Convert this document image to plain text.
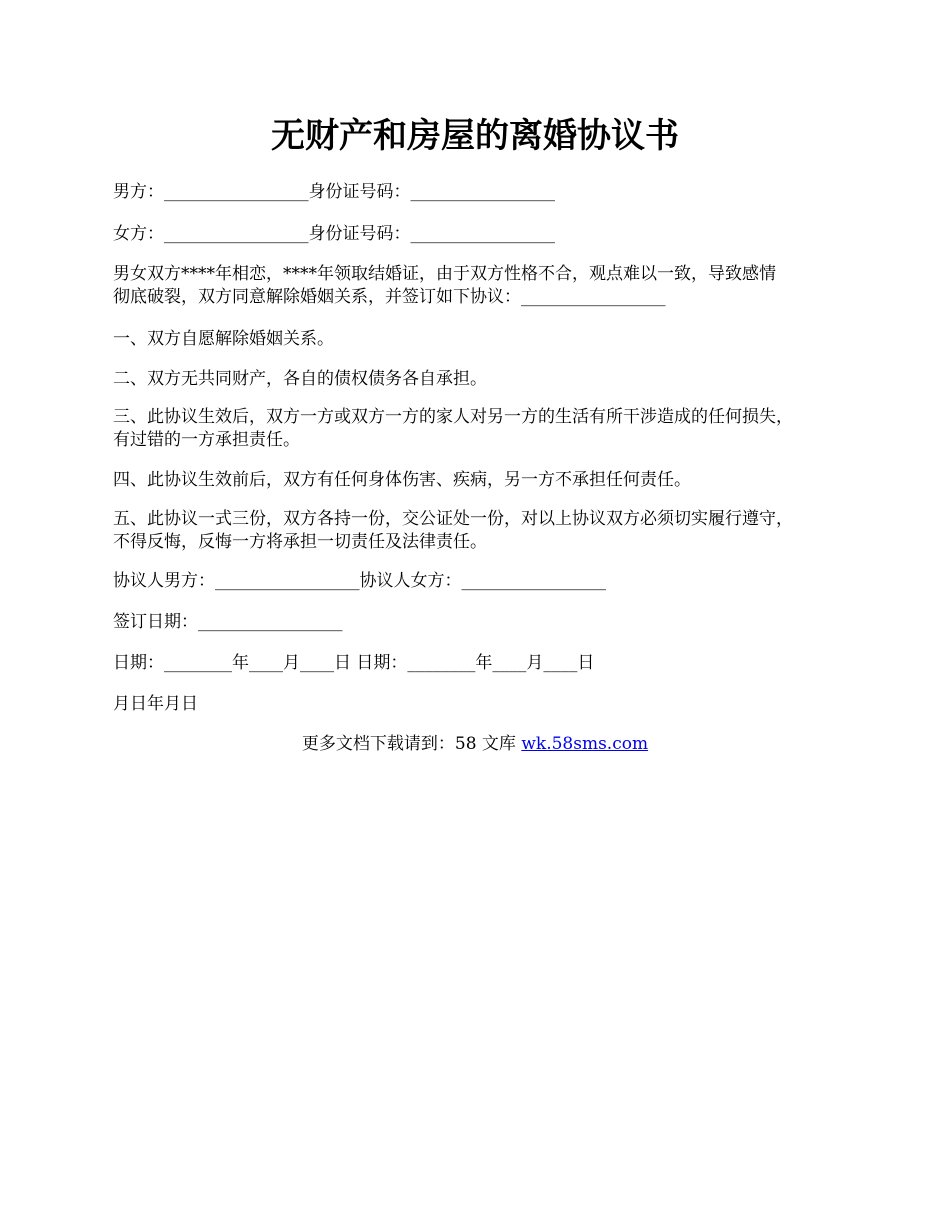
无财产和房屋的离婚协议书

男方：_________________身份证号码：_________________

女方：_________________身份证号码：_________________

男女双方****年相恋，****年领取结婚证，由于双方性格不合，观点难以一致，导致感情
彻底破裂，双方同意解除婚姻关系，并签订如下协议：_________________

一、双方自愿解除婚姻关系。

二、双方无共同财产，各自的债权债务各自承担。

三、此协议生效后，双方一方或双方一方的家人对另一方的生活有所干涉造成的任何损失，
有过错的一方承担责任。

四、此协议生效前后，双方有任何身体伤害、疾病，另一方不承担任何责任。

五、此协议一式三份，双方各持一份，交公证处一份，对以上协议双方必须切实履行遵守，
不得反悔，反悔一方将承担一切责任及法律责任。

协议人男方：_________________协议人女方：_________________

签订日期：_________________

日期：________年____月____日 日期：________年____月____日

月日年月日

更多文档下载请到：58 文库 wk.58sms.com
